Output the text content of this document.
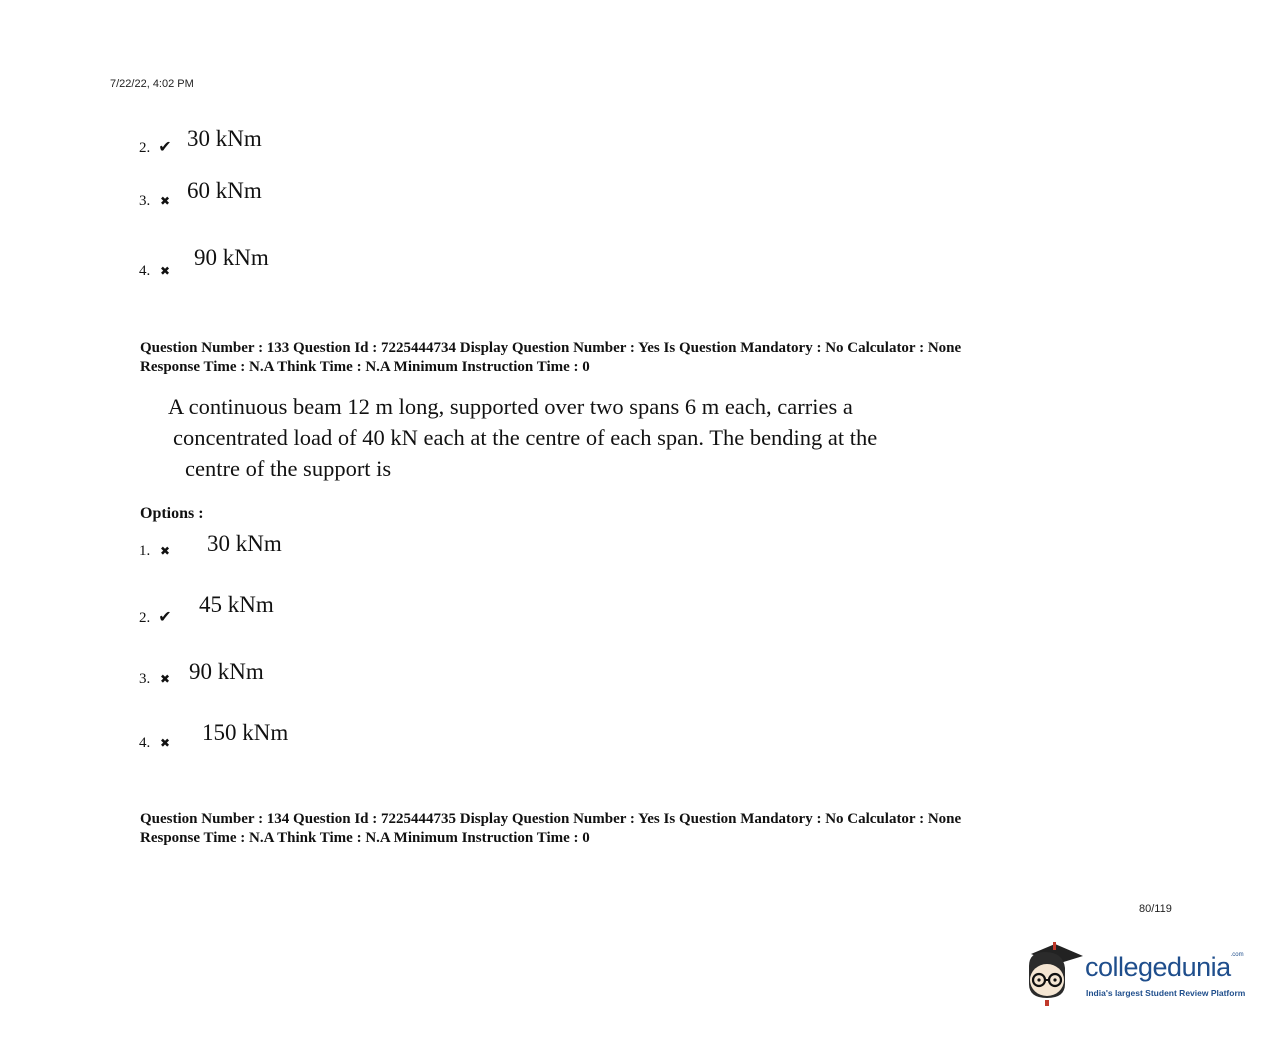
7/22/22, 4:02 PM
2. ✔ 30 kNm
3. ✖ 60 kNm
4. ✖
90 kNm
Question Number : 133 Question Id : 7225444734 Display Question Number : Yes Is Question Mandatory : No Calculator : None
Response Time : N.A Think Time : N.A Minimum Instruction Time : 0
A continuous beam 12 m long, supported over two spans 6 m each, carries a
concentrated load of 40 kN each at the centre of each span. The bending at the
centre of the support is
Options :
1. ✖ 30 kNm
2. ✔
45 kNm
3. ✖ 90 kNm
4. ✖ 150 kNm
Question Number : 134 Question Id : 7225444735 Display Question Number : Yes Is Question Mandatory : No Calculator : None
Response Time : N.A Think Time : N.A Minimum Instruction Time : 0
80/119
collegedunia$^{.com}$
India's largest Student Review Platform
